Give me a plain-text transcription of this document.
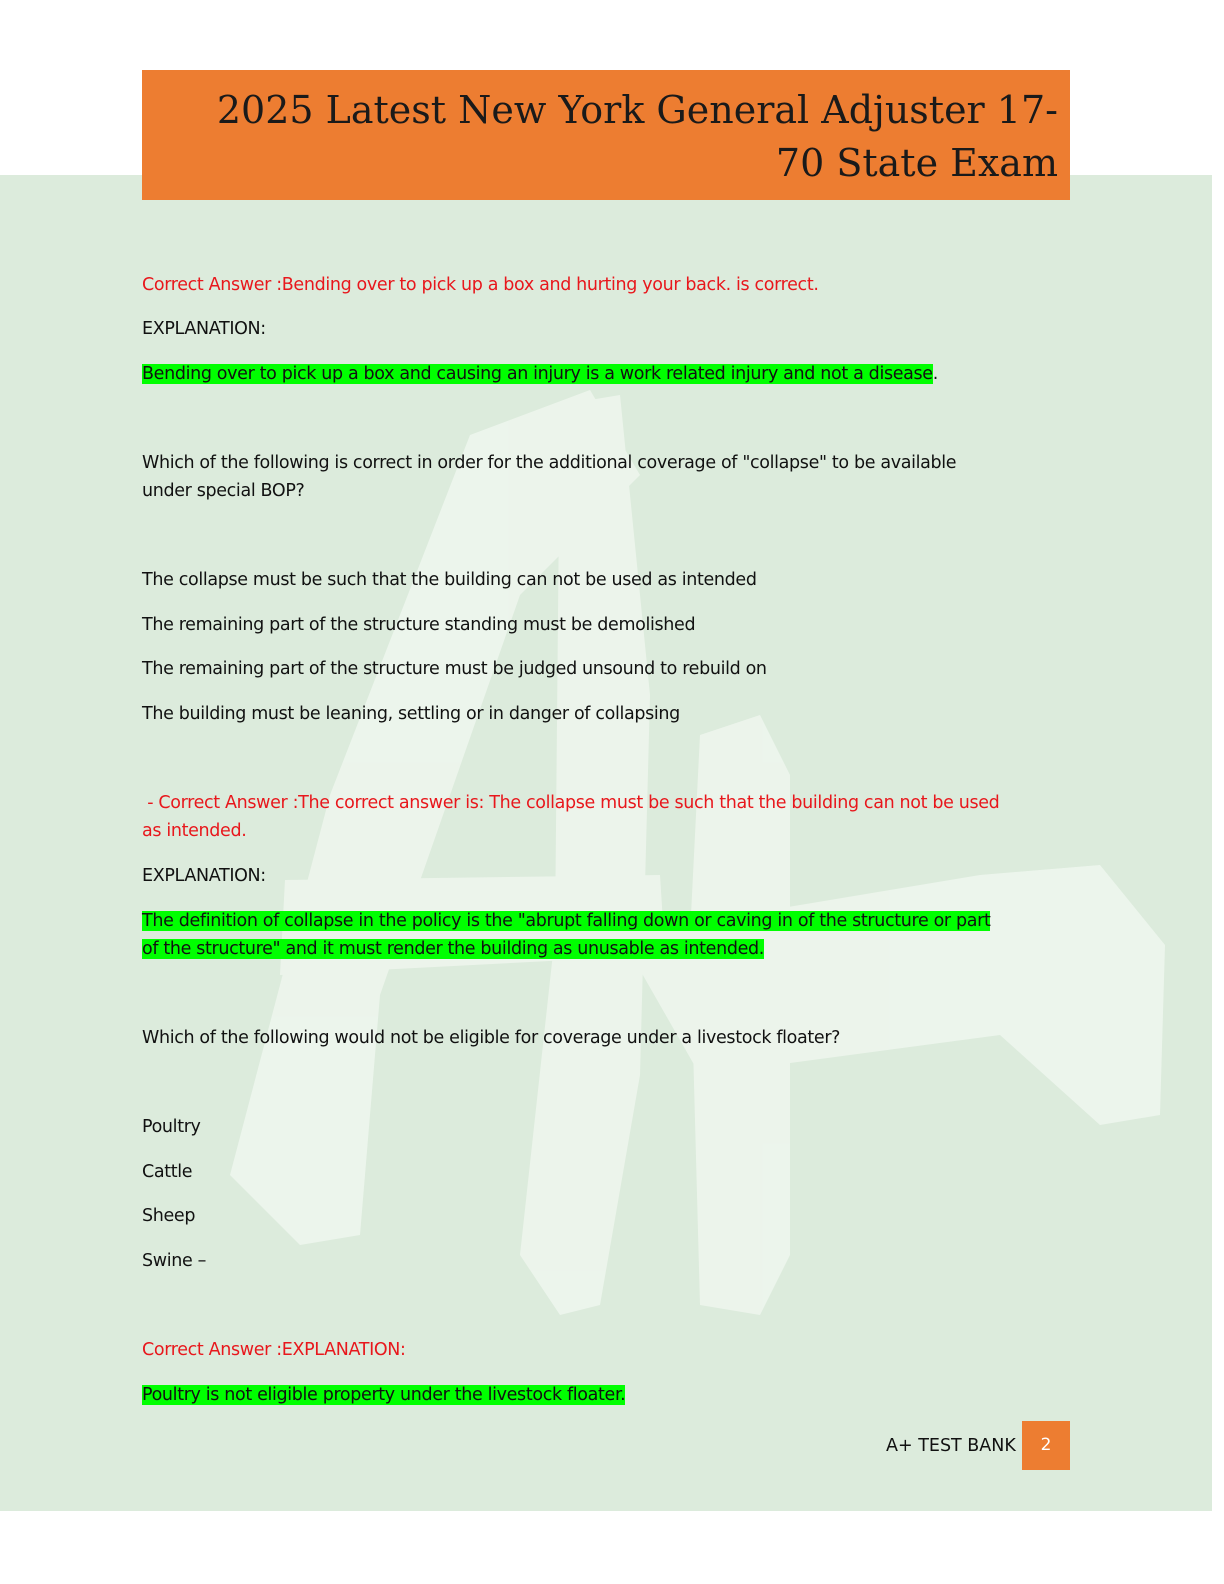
2025 Latest New York General Adjuster 17-
70 State Exam
Correct Answer :Bending over to pick up a box and hurting your back. is correct.
EXPLANATION:
Bending over to pick up a box and causing an injury is a work related injury and not a disease.
Which of the following is correct in order for the additional coverage of "collapse" to be available
under special BOP?
The collapse must be such that the building can not be used as intended
The remaining part of the structure standing must be demolished
The remaining part of the structure must be judged unsound to rebuild on
The building must be leaning, settling or in danger of collapsing
- Correct Answer :The correct answer is: The collapse must be such that the building can not be used
as intended.
EXPLANATION:
The definition of collapse in the policy is the "abrupt falling down or caving in of the structure or part
of the structure" and it must render the building as unusable as intended.
Which of the following would not be eligible for coverage under a livestock floater?
Poultry
Cattle
Sheep
Swine –
Correct Answer :EXPLANATION:
Poultry is not eligible property under the livestock floater.
A+ TEST BANK	2
